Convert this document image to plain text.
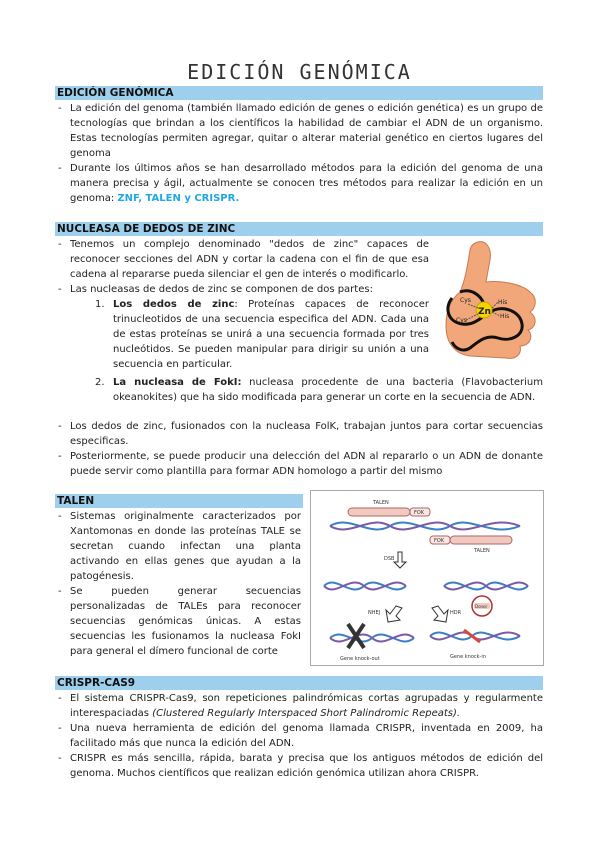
EDICIÓN GENÓMICA
EDICIÓN GENÓMICA

- La edición del genoma (también llamado edición de genes o edición genética) es un grupo de tecnologías que brindan a los científicos la habilidad de cambiar el ADN de un organismo. Estas tecnologías permiten agregar, quitar o alterar material genético en ciertos lugares del genoma

- Durante los últimos años se han desarrollado métodos para la edición del genoma de una manera precisa y ágil, actualmente se conocen tres métodos para realizar la edición en un genoma: ZNF, TALEN y CRISPR.

NUCLEASA DE DEDOS DE ZINC

- Tenemos un complejo denominado "dedos de zinc" capaces de reconocer secciones del ADN y cortar la cadena con el fin de que esa cadena al repararse pueda silenciar el gen de interés o modificarlo.

- Las nucleasas de dedos de zinc se componen de dos partes:

1. Los dedos de zinc: Proteínas capaces de reconocer trinucleotidos de una secuencia especifica del ADN. Cada una de estas proteínas se unirá a una secuencia formada por tres nucleótidos. Se pueden manipular para dirigir su unión a una secuencia en particular.

2. La nucleasa de FokI: nucleasa procedente de una bacteria (Flavobacterium okeanokites) que ha sido modificada para generar un corte en la secuencia de ADN.

- Los dedos de zinc, fusionados con la nucleasa FolK, trabajan juntos para cortar secuencias especificas.

- Posteriormente, se puede producir una delección del ADN al repararlo o un ADN de donante puede servir como plantilla para formar ADN homologo a partir del mismo

Zn
Cys
Cys
His
His
TALEN

- Sistemas originalmente caracterizados por Xantomonas en donde las proteínas TALE se secretan cuando infectan una planta activando en ellas genes que ayudan a la patogénesis.

- Se pueden generar secuencias personalizadas de TALEs para reconocer secuencias genómicas únicas. A estas secuencias les fusionamos la nucleasa FokI para general el dímero funcional de corte

TALEN
FOK
FOK
TALEN
DSB
NHEJ	HDR
Donor
Gene knock-out	Gene knock-in
CRISPR-CAS9

- El sistema CRISPR-Cas9, son repeticiones palindrómicas cortas agrupadas y regularmente interespaciadas (Clustered Regularly Interspaced Short Palindromic Repeats).

- Una nueva herramienta de edición del genoma llamada CRISPR, inventada en 2009, ha facilitado más que nunca la edición del ADN.

- CRISPR es más sencilla, rápida, barata y precisa que los antiguos métodos de edición del genoma. Muchos científicos que realizan edición genómica utilizan ahora CRISPR.
